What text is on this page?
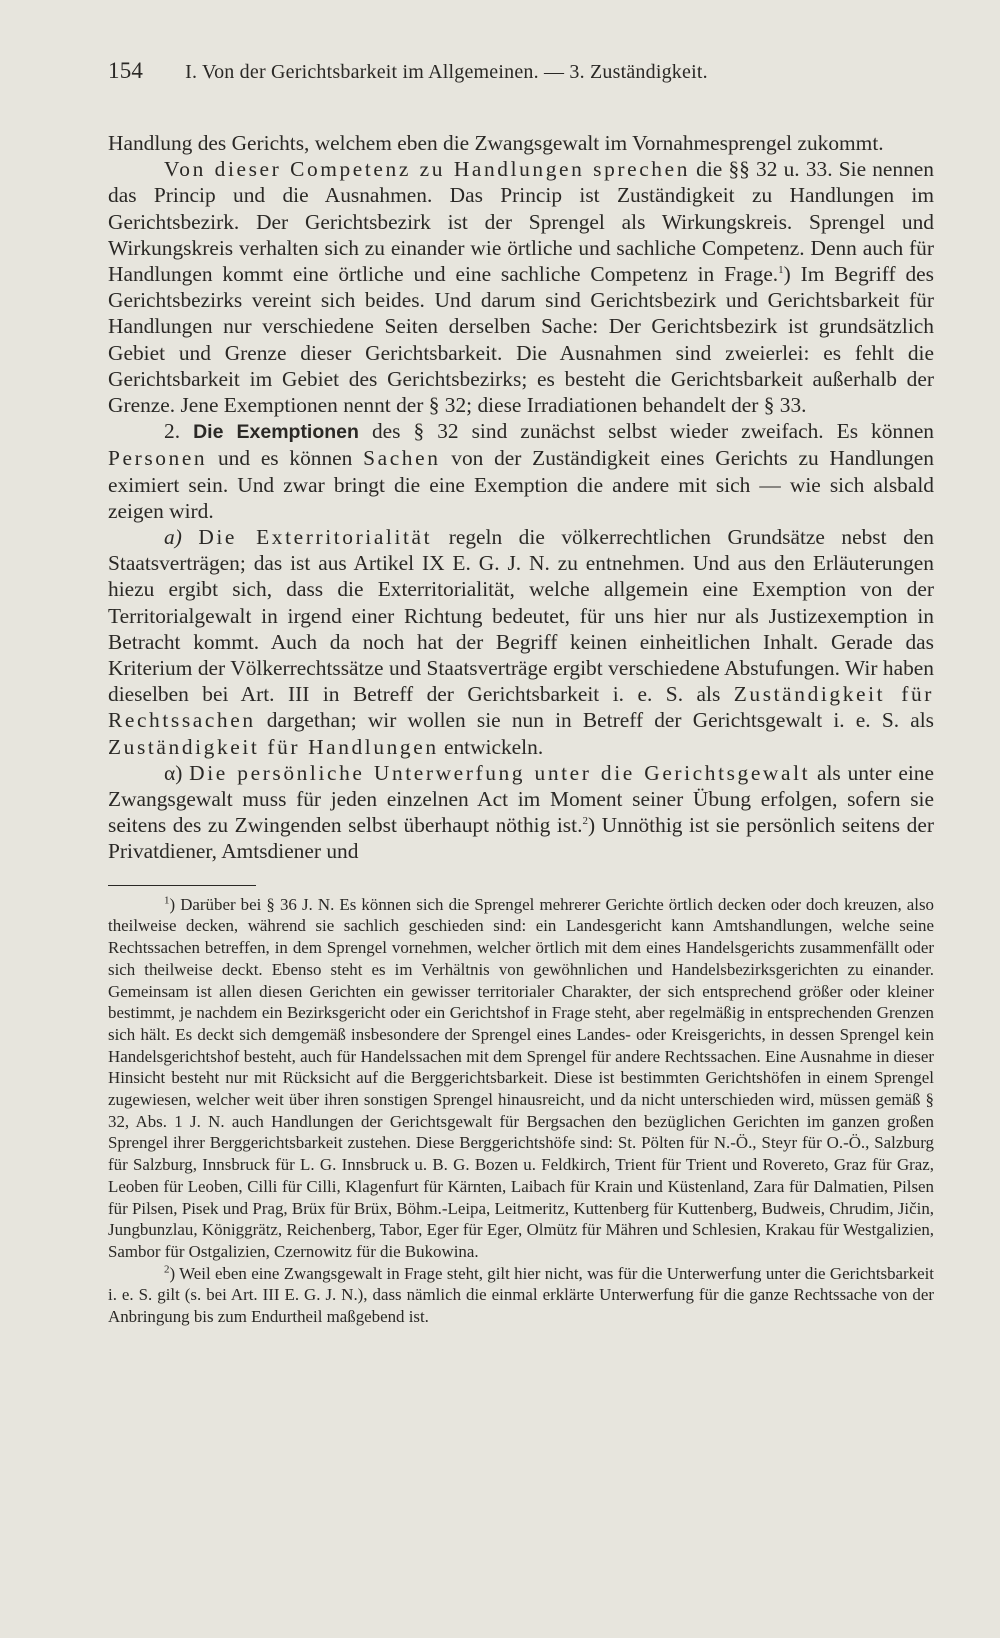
154 I. Von der Gerichtsbarkeit im Allgemeinen. — 3. Zuständigkeit.

Handlung des Gerichts, welchem eben die Zwangsgewalt im Vornahmesprengel zukommt.

Von dieser Competenz zu Handlungen sprechen die §§ 32 u. 33. Sie nennen das Princip und die Ausnahmen. Das Princip ist Zuständigkeit zu Handlungen im Gerichtsbezirk. Der Gerichtsbezirk ist der Sprengel als Wirkungskreis. Sprengel und Wirkungskreis verhalten sich zu einander wie örtliche und sachliche Competenz. Denn auch für Handlungen kommt eine örtliche und eine sachliche Competenz in Frage.$^1$) Im Begriff des Gerichtsbezirks vereint sich beides. Und darum sind Gerichtsbezirk und Gerichtsbarkeit für Handlungen nur verschiedene Seiten derselben Sache: Der Gerichtsbezirk ist grundsätzlich Gebiet und Grenze dieser Gerichtsbarkeit. Die Ausnahmen sind zweierlei: es fehlt die Gerichtsbarkeit im Gebiet des Gerichtsbezirks; es besteht die Gerichtsbarkeit außerhalb der Grenze. Jene Exemptionen nennt der § 32; diese Irradiationen behandelt der § 33.

2. Die Exemptionen des § 32 sind zunächst selbst wieder zweifach. Es können Personen und es können Sachen von der Zuständigkeit eines Gerichts zu Handlungen eximiert sein. Und zwar bringt die eine Exemption die andere mit sich — wie sich alsbald zeigen wird.

a) Die Exterritorialität regeln die völkerrechtlichen Grundsätze nebst den Staatsverträgen; das ist aus Artikel IX E. G. J. N. zu entnehmen. Und aus den Erläuterungen hiezu ergibt sich, dass die Exterritorialität, welche allgemein eine Exemption von der Territorialgewalt in irgend einer Richtung bedeutet, für uns hier nur als Justizexemption in Betracht kommt. Auch da noch hat der Begriff keinen einheitlichen Inhalt. Gerade das Kriterium der Völkerrechtssätze und Staatsverträge ergibt verschiedene Abstufungen. Wir haben dieselben bei Art. III in Betreff der Gerichtsbarkeit i. e. S. als Zuständigkeit für Rechtssachen dargethan; wir wollen sie nun in Betreff der Gerichtsgewalt i. e. S. als Zuständigkeit für Handlungen entwickeln.

α) Die persönliche Unterwerfung unter die Gerichtsgewalt als unter eine Zwangsgewalt muss für jeden einzelnen Act im Moment seiner Übung erfolgen, sofern sie seitens des zu Zwingenden selbst überhaupt nöthig ist.$^2$) Unnöthig ist sie persönlich seitens der Privatdiener, Amtsdiener und

$^1$) Darüber bei § 36 J. N. Es können sich die Sprengel mehrerer Gerichte örtlich decken oder doch kreuzen, also theilweise decken, während sie sachlich geschieden sind: ein Landesgericht kann Amtshandlungen, welche seine Rechtssachen betreffen, in dem Sprengel vornehmen, welcher örtlich mit dem eines Handelsgerichts zusammenfällt oder sich theilweise deckt. Ebenso steht es im Verhältnis von gewöhnlichen und Handelsbezirksgerichten zu einander. Gemeinsam ist allen diesen Gerichten ein gewisser territorialer Charakter, der sich entsprechend größer oder kleiner bestimmt, je nachdem ein Bezirksgericht oder ein Gerichtshof in Frage steht, aber regelmäßig in entsprechenden Grenzen sich hält. Es deckt sich demgemäß insbesondere der Sprengel eines Landes- oder Kreisgerichts, in dessen Sprengel kein Handelsgerichtshof besteht, auch für Handelssachen mit dem Sprengel für andere Rechtssachen. Eine Ausnahme in dieser Hinsicht besteht nur mit Rücksicht auf die Berggerichtsbarkeit. Diese ist bestimmten Gerichtshöfen in einem Sprengel zugewiesen, welcher weit über ihren sonstigen Sprengel hinausreicht, und da nicht unterschieden wird, müssen gemäß § 32, Abs. 1 J. N. auch Handlungen der Gerichtsgewalt für Bergsachen den bezüglichen Gerichten im ganzen großen Sprengel ihrer Berggerichtsbarkeit zustehen. Diese Berggerichtshöfe sind: St. Pölten für N.-Ö., Steyr für O.-Ö., Salzburg für Salzburg, Innsbruck für L. G. Innsbruck u. B. G. Bozen u. Feldkirch, Trient für Trient und Rovereto, Graz für Graz, Leoben für Leoben, Cilli für Cilli, Klagenfurt für Kärnten, Laibach für Krain und Küstenland, Zara für Dalmatien, Pilsen für Pilsen, Pisek und Prag, Brüx für Brüx, Böhm.-Leipa, Leitmeritz, Kuttenberg für Kuttenberg, Budweis, Chrudim, Jičin, Jungbunzlau, Königgrätz, Reichenberg, Tabor, Eger für Eger, Olmütz für Mähren und Schlesien, Krakau für Westgalizien, Sambor für Ostgalizien, Czernowitz für die Bukowina.

$^2$) Weil eben eine Zwangsgewalt in Frage steht, gilt hier nicht, was für die Unterwerfung unter die Gerichtsbarkeit i. e. S. gilt (s. bei Art. III E. G. J. N.), dass nämlich die einmal erklärte Unterwerfung für die ganze Rechtssache von der Anbringung bis zum Endurtheil maßgebend ist.
